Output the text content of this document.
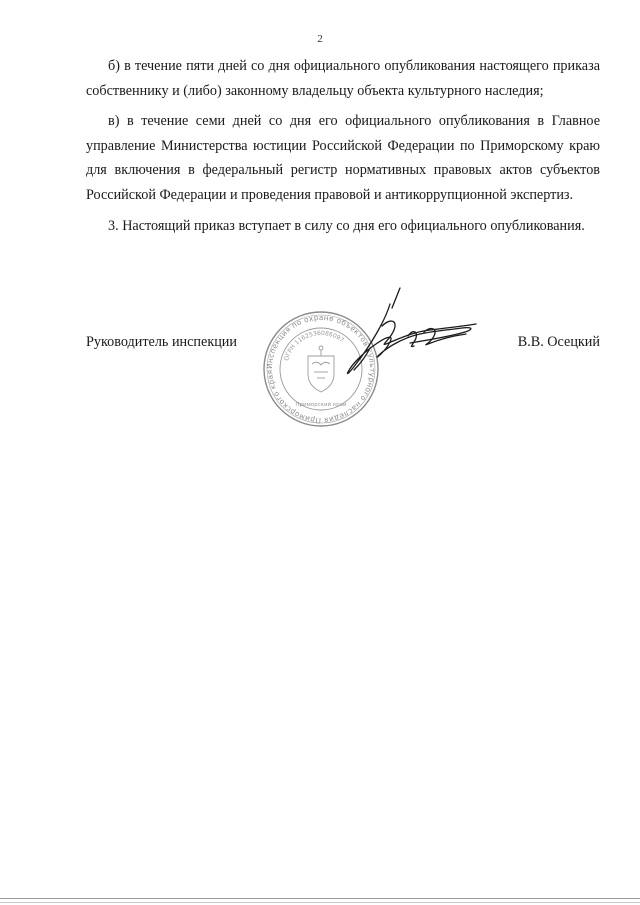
2

б) в течение пяти дней со дня официального опубликования настоящего приказа собственнику и (либо) законному владельцу объекта культурного наследия;

в) в течение семи дней со дня его официального опубликования в Главное управление Министерства юстиции Российской Федерации по Приморскому краю для включения в федеральный регистр нормативных правовых актов субъектов Российской Федерации и проведения правовой и антикоррупционной экспертиз.

3. Настоящий приказ вступает в силу со дня его официального опубликования.

Инспекция по охране объектов культурного наследия Приморского края
ОГРН 1162536086097
Приморский край
Руководитель инспекции	В.В. Осецкий
